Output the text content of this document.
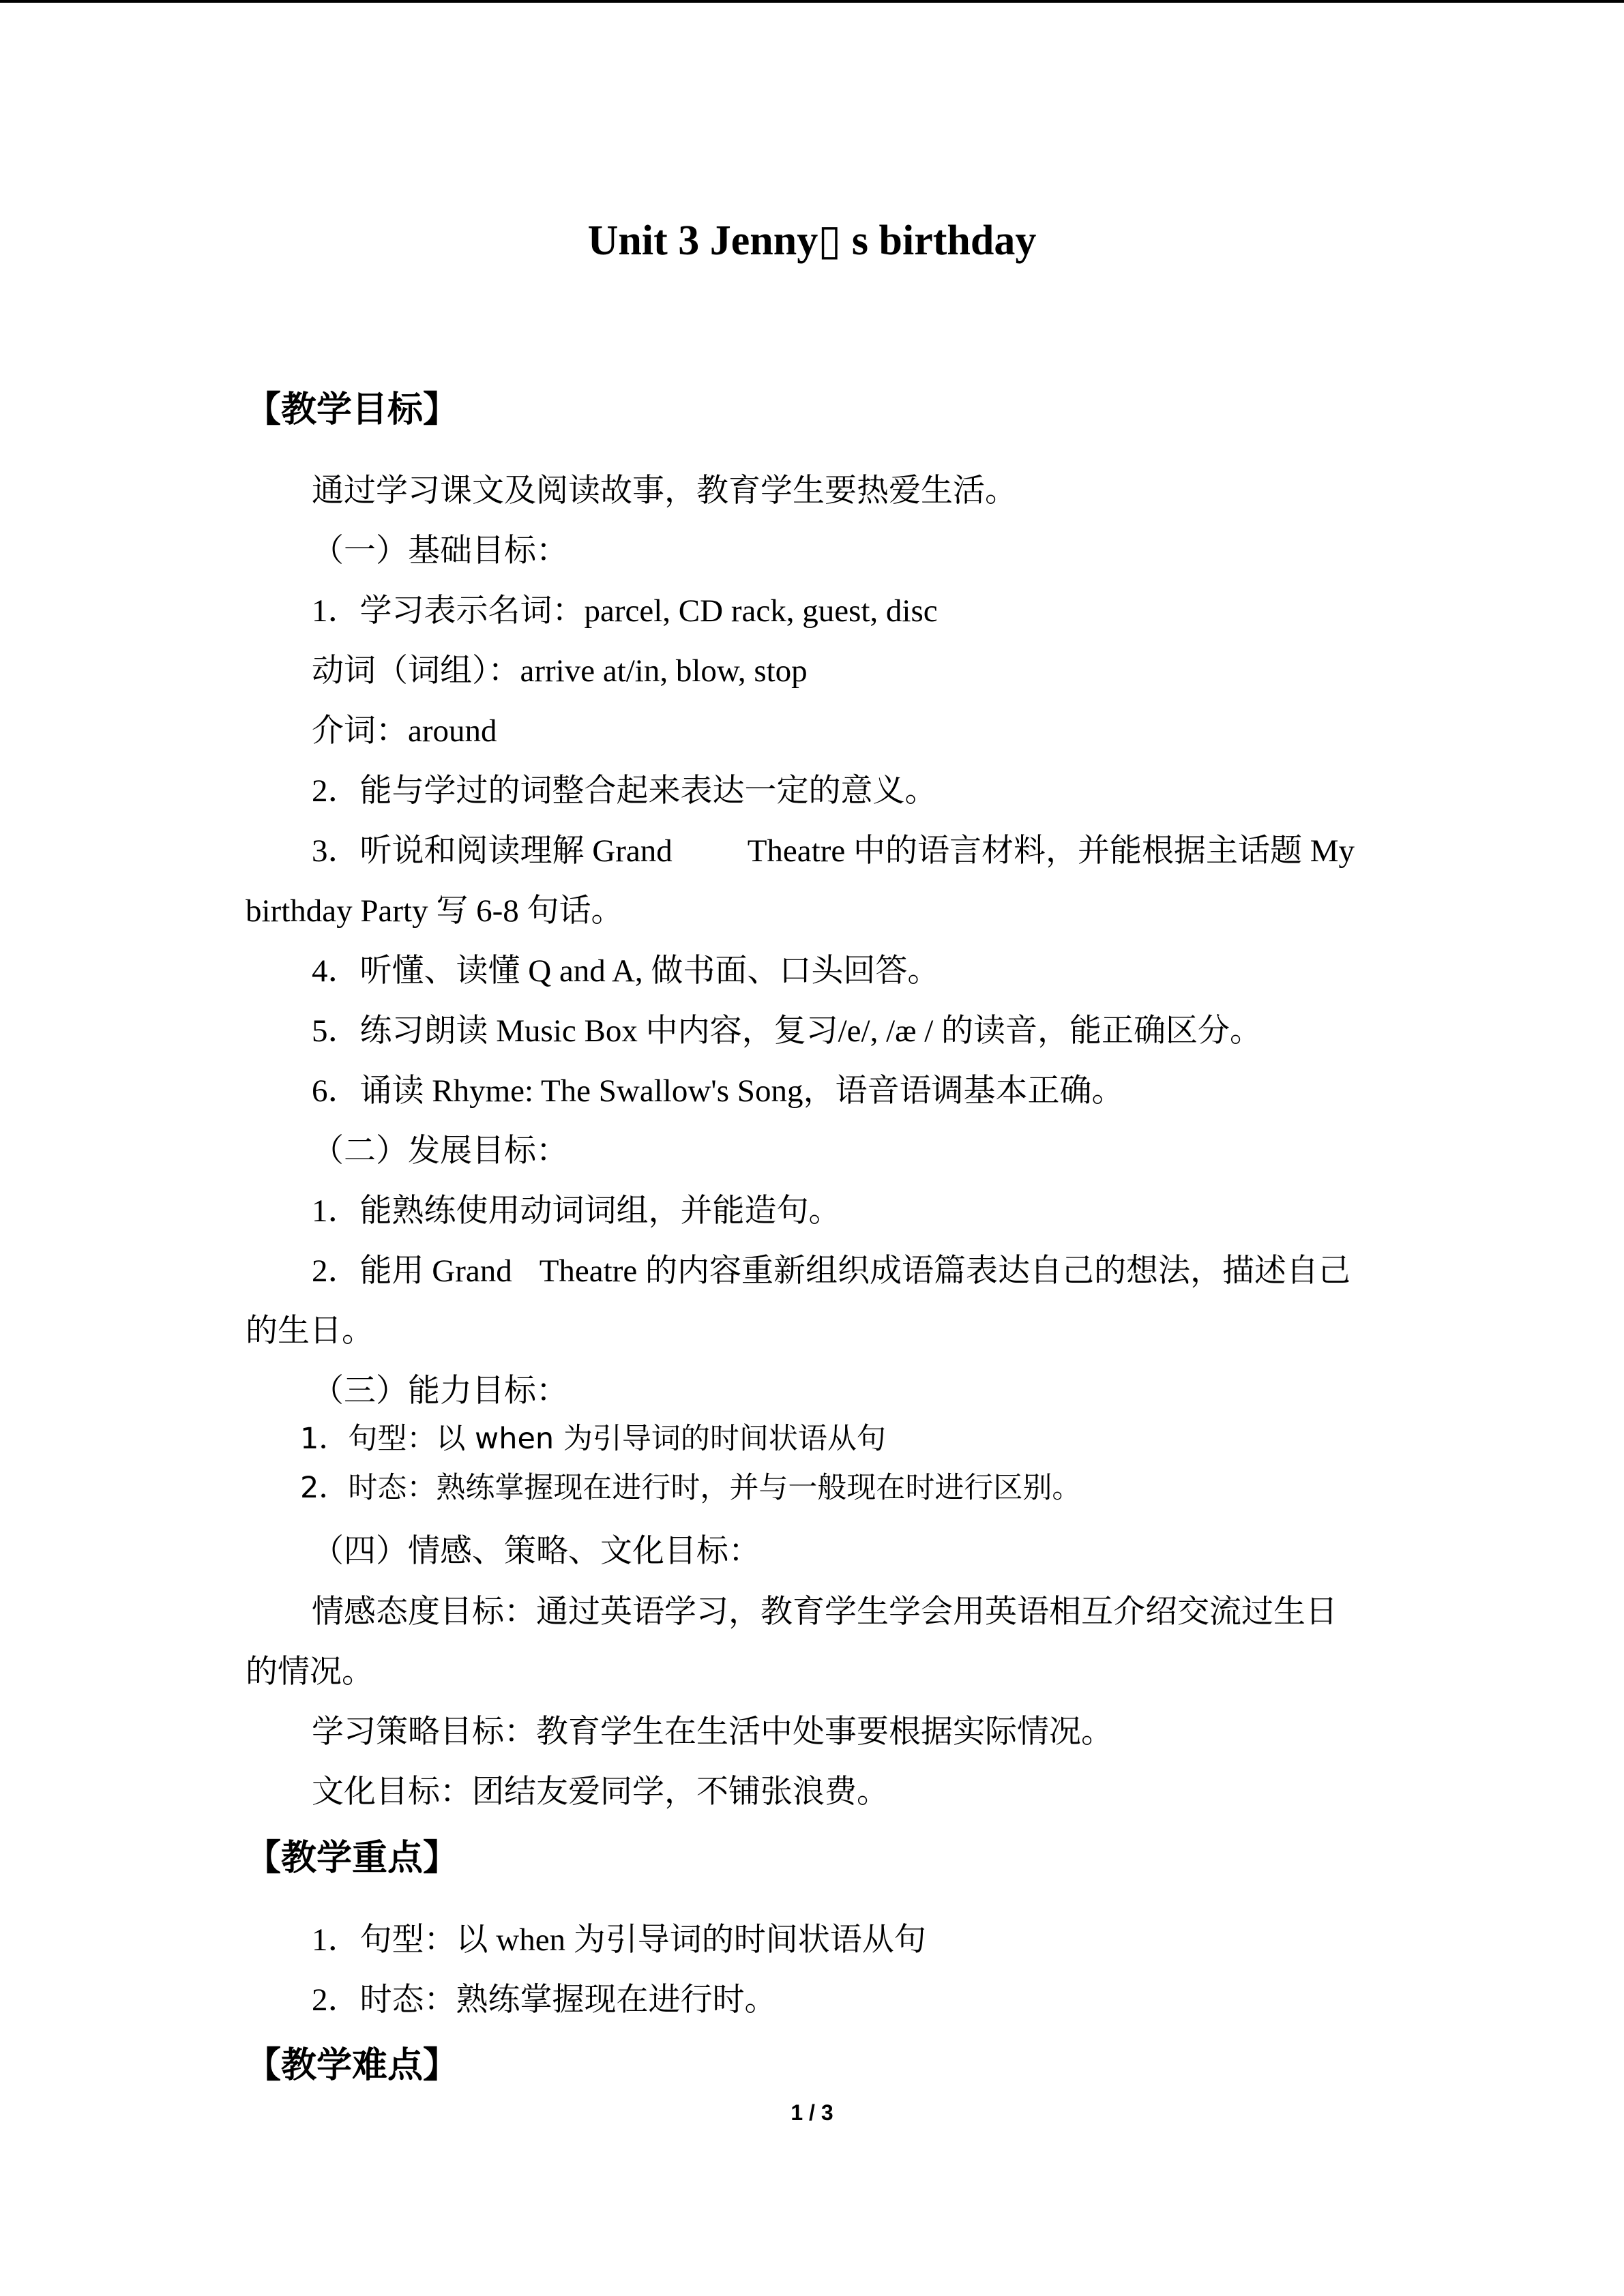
Unit 3 Jenny▯ s birthday
【教学目标】
通过学习课文及阅读故事，教育学生要热爱生活。
（一）基础目标：
1．学习表示名词：parcel, CD rack, guest, disc
动词（词组）：arrive at/in, blow, stop
介词：around
2．能与学过的词整合起来表达一定的意义。
3．听说和阅读理解 Grand Theatre 中的语言材料，并能根据主话题 My
birthday Party 写 6-8 句话。
4．听懂、读懂 Q and A, 做书面、口头回答。
5．练习朗读 Music Box 中内容，复习/e/, /æ / 的读音，能正确区分。
6．诵读 Rhyme: The Swallow's Song，语音语调基本正确。
（二）发展目标：
1．能熟练使用动词词组，并能造句。
2．能用 Grand Theatre 的内容重新组织成语篇表达自己的想法，描述自己
的生日。
（三）能力目标：
1．句型：以 when 为引导词的时间状语从句
2．时态：熟练掌握现在进行时，并与一般现在时进行区别。
（四）情感、策略、文化目标：
情感态度目标：通过英语学习，教育学生学会用英语相互介绍交流过生日
的情况。
学习策略目标：教育学生在生活中处事要根据实际情况。
文化目标：团结友爱同学，不铺张浪费。
【教学重点】
1．句型：以 when 为引导词的时间状语从句
2．时态：熟练掌握现在进行时。
【教学难点】
1 / 3
